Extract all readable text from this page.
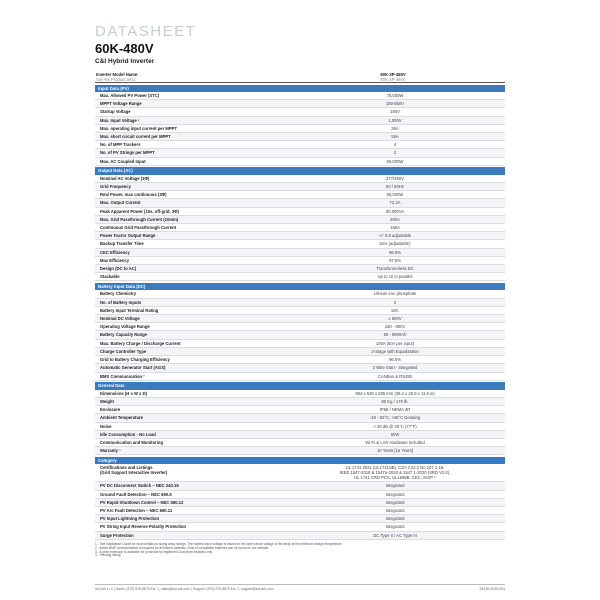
DATASHEET
60K-480V
C&I Hybrid Inverter
Inverter Model Name:	60K-3P-480V
Sol-Ark Product SKU:	60K-3P-480V
Input Data (PV)
Max. Allowed PV Power (STC)	78,000W
MPPT Voltage Range	150-850V
Startup Voltage	180V
Max. Input Voltage ¹	1,000V
Max. operating input current per MPPT	36A
Max. short circuit current per MPPT	55A
No. of MPP Trackers	4
No. of PV Strings per MPPT	2
Max. AC Coupled Input	60,000W
Output Data (AC)
Nominal AC Voltage (3Φ)	277/480V
Grid Frequency	50 / 60Hz
Real Power, max continuous (3Φ)	60,000W
Max. Output Current	72.2A
Peak Apparent Power (10s, off-grid, 3Φ)	90,000VA
Max. Grid Passthrough Current (10min)	200A
Continuous Grid Passthrough Current	180A
Power Factor Output Range	+/- 0.8 adjustable
Backup Transfer Time	5ms (adjustable)
CEC Efficiency	96.5%
Max Efficiency	97.5%
Design (DC to AC)	Transformerless DC
Stackable	Up to 10 in parallel
Battery Input Data (DC)
Battery Chemistry	Lithium iron phosphate
No. of Battery Inputs	2
Battery Input Terminal Rating	50A
Nominal DC Voltage	≥ 600V
Operating Voltage Range	160 - 800V
Battery Capacity Range	50 - 9900Ah
Max. Battery Charge / Discharge Current	100A (50A per input)
Charge Controller Type	3-Stage with Equalization
Grid to Battery Charging Efficiency	96.0%
Automatic Generator Start (AGS)	2 Wire Start - Integrated
BMS Communication ²	CANBus & RS485
General Data
Dimensions (H x W x D)	894 x 528 x 295 mm (35.2 x 20.8 x 11.6 in)
Weight	80 Kg / 176 lb.
Enclosure	IP66 / NEMA 3R
Ambient Temperature	-40 - 60°C, >45°C Derating
Noise	< 30 dB @ 25°C (77°F)
Idle Consumption - No Load	60W
Communication and Monitoring	Wi-Fi & LAN Hardware Included
Warranty ³	10 Years [15 Years]
Category
Certifications and Listings
(Grid Support Interactive Inverter)
UL 1741 2021 (UL1741SB), CSA C22.2 No 107.1-16,
IEEE 1547-2018 & 1547a-2020 & 1547.1-2020 (SRD V2.0),
UL 1741 CRD PCS, UL1699B, CEC, SGIP ⁴
PV DC Disconnect Switch – NEC 240.15	Integrated
Ground Fault Detection – NEC 690.5	Integrated
PV Rapid Shutdown Control – NEC 690.12	Integrated
PV Arc Fault Detection – NEC 690.11	Integrated
PV Input Lightning Protection	Integrated
PV String Input Reverse Polarity Protection	Integrated
Surge Protection	DC Type II / AC Type III
1 - See Installation Guide for more details on sizing array strings. The highest input voltage is based on the open circuit voltage of the array at the minimum design temperature.
2 - Active BMS communication is required for all lithium batteries. A list of compatible batteries can be found on our website.
3 - 5-year extension is available for purchase by registered Gold level installed only.
4 - Pending listing.
Sol-Ark LLC | Sales: (972) 575-8875 Ext. 1, sales@sol-ark.com | Support: (972) 575-8875 Ext. 2, support@sol-ark.com	SK150-0015-004
